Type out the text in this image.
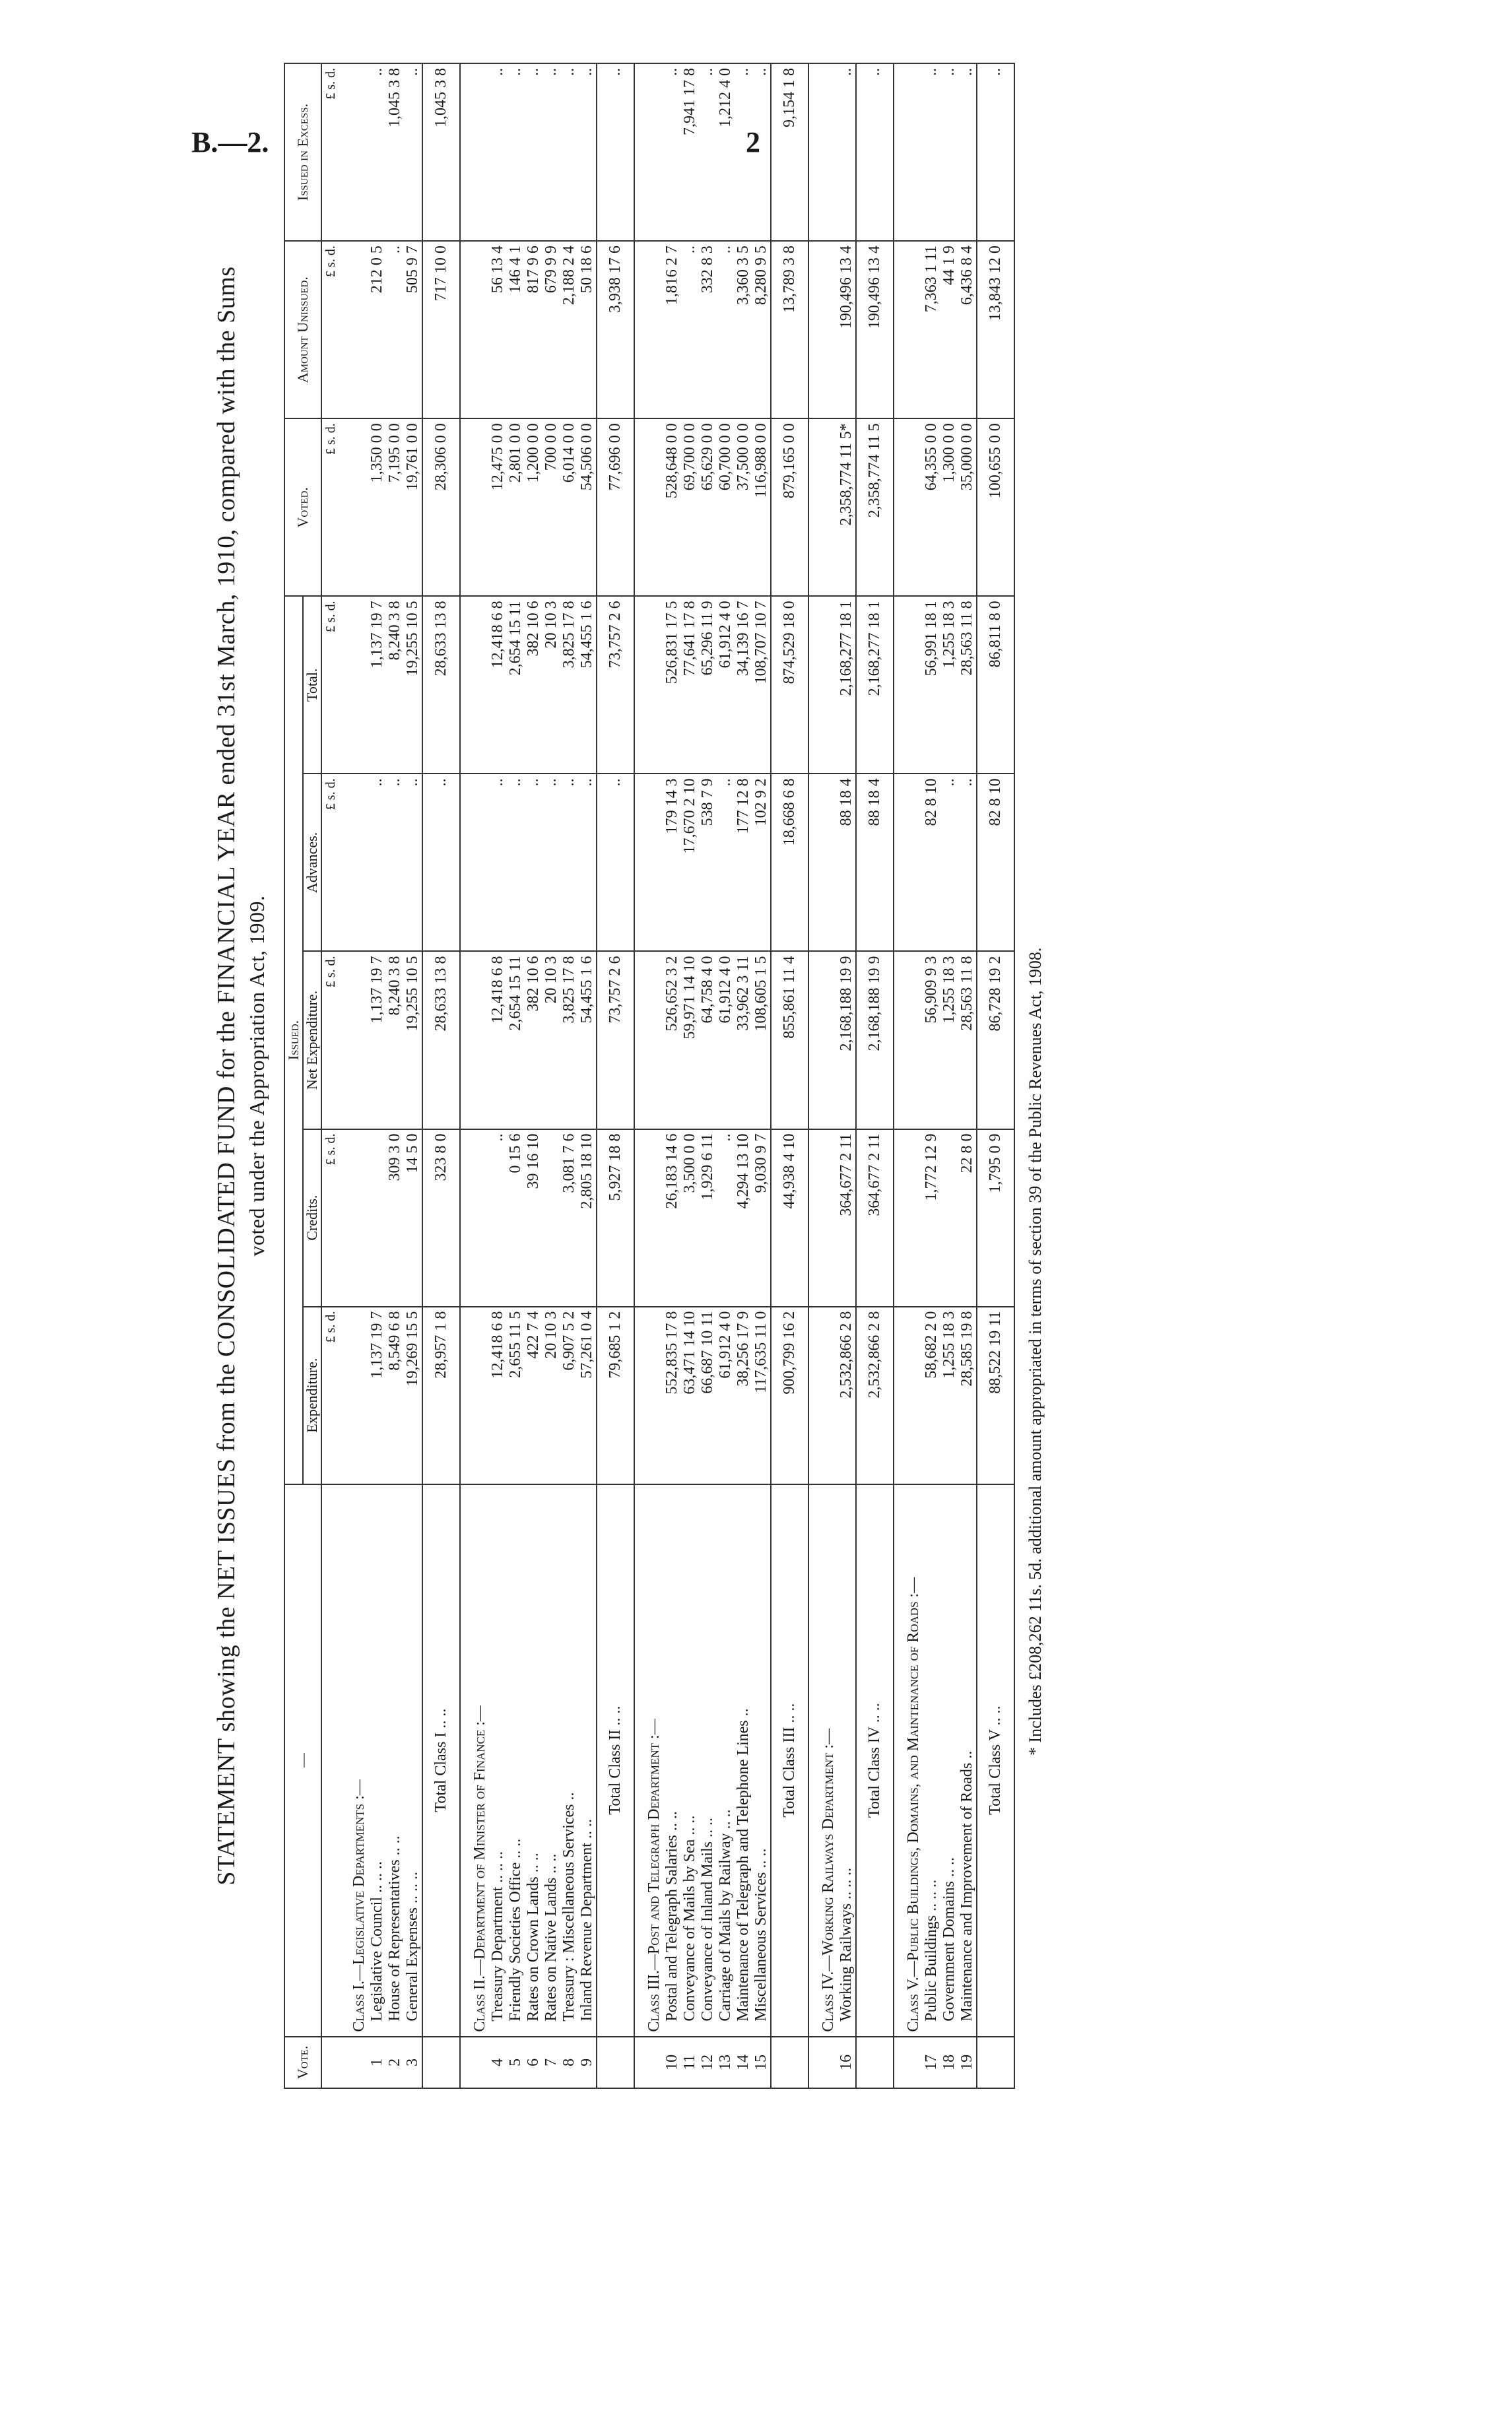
B.—2.	2
STATEMENT showing the NET ISSUES from the CONSOLIDATED FUND for the FINANCIAL YEAR ended 31st March, 1910, compared with the Sums voted under the Appropriation Act, 1909.
Vote.	—	Issued.					Voted.	Amount Unissued.	Issued in Excess.
		Expenditure.	Credits.	Net Expenditure.	Advances.	Total.			

		£ s. d.	£ s. d.	£ s. d.	£ s. d.	£ s. d.	£ s. d.	£ s. d.	£ s. d.
	Class I.—Legislative Departments :—								
1	Legislative Council .. .. ..	1,137 19 7		1,137 19 7	..	1,137 19 7	1,350 0 0	212 0 5	..
2	House of Representatives .. ..	8,549 6 8	309 3 0	8,240 3 8	..	8,240 3 8	7,195 0 0	..	1,045 3 8
3	General Expenses .. .. ..	19,269 15 5	14 5 0	19,255 10 5	..	19,255 10 5	19,761 0 0	505 9 7	..
	Total Class I .. ..	28,957 1 8	323 8 0	28,633 13 8	..	28,633 13 8	28,306 0 0	717 10 0	1,045 3 8
	Class II.—Department of Minister of Finance :—								
4	Treasury Department .. .. ..	12,418 6 8	..	12,418 6 8	..	12,418 6 8	12,475 0 0	56 13 4	..
5	Friendly Societies Office .. ..	2,655 11 5	0 15 6	2,654 15 11	..	2,654 15 11	2,801 0 0	146 4 1	..
6	Rates on Crown Lands .. ..	422 7 4	39 16 10	382 10 6	..	382 10 6	1,200 0 0	817 9 6	..
7	Rates on Native Lands .. ..	20 10 3		20 10 3	..	20 10 3	700 0 0	679 9 9	..
8	Treasury : Miscellaneous Services ..	6,907 5 2	3,081 7 6	3,825 17 8	..	3,825 17 8	6,014 0 0	2,188 2 4	..
9	Inland Revenue Department .. ..	57,261 0 4	2,805 18 10	54,455 1 6	..	54,455 1 6	54,506 0 0	50 18 6	..
	Total Class II .. ..	79,685 1 2	5,927 18 8	73,757 2 6	..	73,757 2 6	77,696 0 0	3,938 17 6	..
	Class III.—Post and Telegraph Department :—								
10	Postal and Telegraph Salaries .. ..	552,835 17 8	26,183 14 6	526,652 3 2	179 14 3	526,831 17 5	528,648 0 0	1,816 2 7	..
11	Conveyance of Mails by Sea .. ..	63,471 14 10	3,500 0 0	59,971 14 10	17,670 2 10	77,641 17 8	69,700 0 0	..	7,941 17 8
12	Conveyance of Inland Mails .. ..	66,687 10 11	1,929 6 11	64,758 4 0	538 7 9	65,296 11 9	65,629 0 0	332 8 3	..
13	Carriage of Mails by Railway .. ..	61,912 4 0	..	61,912 4 0	..	61,912 4 0	60,700 0 0	..	1,212 4 0
14	Maintenance of Telegraph and Telephone Lines ..	38,256 17 9	4,294 13 10	33,962 3 11	177 12 8	34,139 16 7	37,500 0 0	3,360 3 5	..
15	Miscellaneous Services .. ..	117,635 11 0	9,030 9 7	108,605 1 5	102 9 2	108,707 10 7	116,988 0 0	8,280 9 5	..
	Total Class III .. ..	900,799 16 2	44,938 4 10	855,861 11 4	18,668 6 8	874,529 18 0	879,165 0 0	13,789 3 8	9,154 1 8
	Class IV.—Working Railways Department :—								
16	Working Railways .. .. ..	2,532,866 2 8	364,677 2 11	2,168,188 19 9	88 18 4	2,168,277 18 1	2,358,774 11 5*	190,496 13 4	..
	Total Class IV .. ..	2,532,866 2 8	364,677 2 11	2,168,188 19 9	88 18 4	2,168,277 18 1	2,358,774 11 5	190,496 13 4	..
	Class V.—Public Buildings, Domains, and Maintenance of Roads :—								
17	Public Buildings .. .. ..	58,682 2 0	1,772 12 9	56,909 9 3	82 8 10	56,991 18 1	64,355 0 0	7,363 1 11	..
18	Government Domains .. ..	1,255 18 3		1,255 18 3	..	1,255 18 3	1,300 0 0	44 1 9	..
19	Maintenance and Improvement of Roads ..	28,585 19 8	22 8 0	28,563 11 8	..	28,563 11 8	35,000 0 0	6,436 8 4	..
	Total Class V .. ..	88,522 19 11	1,795 0 9	86,728 19 2	82 8 10	86,811 8 0	100,655 0 0	13,843 12 0	..
* Includes £208,262 11s. 5d. additional amount appropriated in terms of section 39 of the Public Revenues Act, 1908.
